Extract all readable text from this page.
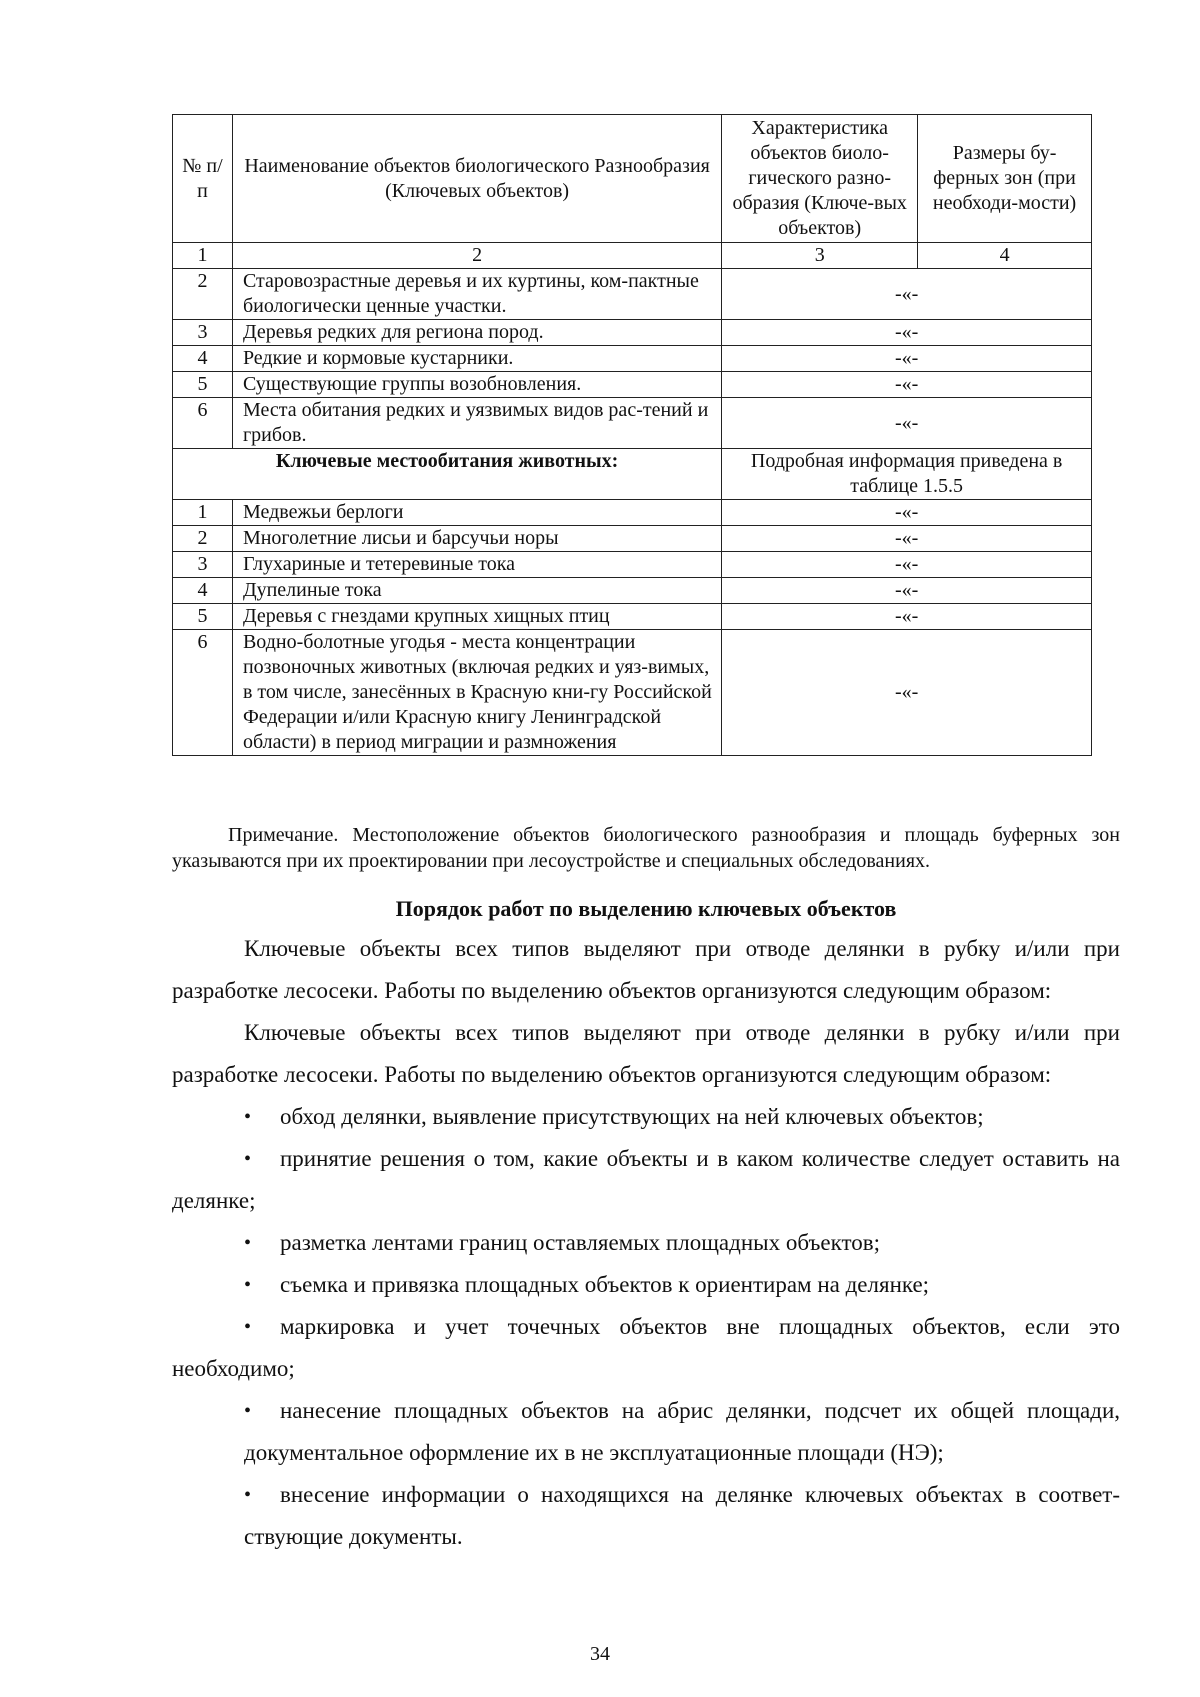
№ п/п	Наименование объектов биологического Разнообразия (Ключевых объектов)	Характеристика объектов биоло-гического разно-образия (Ключе-вых объектов)	Размеры бу-ферных зон (при необходи-мости)
1	2	3	4
2	Старовозрастные деревья и их куртины, ком-пактные биологически ценные участки.	-«-	
3	Деревья редких для региона пород.	-«-	
4	Редкие и кормовые кустарники.	-«-	
5	Существующие группы возобновления.	-«-	
6	Места обитания редких и уязвимых видов рас-тений и грибов.	-«-	
Ключевые местообитания животных:		Подробная информация приведена в таблице 1.5.5	
1	Медвежьи берлоги	-«-	
2	Многолетние лисьи и барсучьи норы	-«-	
3	Глухариные и тетеревиные тока	-«-	
4	Дупелиные тока	-«-	
5	Деревья с гнездами крупных хищных птиц	-«-	
6	Водно-болотные угодья - места концентрации позвоночных животных (включая редких и уяз-вимых, в том числе, занесённых в Красную кни-гу Российской Федерации и/или Красную книгу Ленинградской области) в период миграции и размножения	-«-	

Примечание. Местоположение объектов биологического разнообразия и площадь буферных зон указываются при их проектировании при лесоустройстве и специальных обследованиях.

Порядок работ по выделению ключевых объектов

Ключевые объекты всех типов выделяют при отводе делянки в рубку и/или при разработке лесосеки. Работы по выделению объектов организуются следующим образом:

Ключевые объекты всех типов выделяют при отводе делянки в рубку и/или при разработке лесосеки. Работы по выделению объектов организуются следующим образом:

• обход делянки, выявление присутствующих на ней ключевых объектов;
• принятие решения о том, какие объекты и в каком количестве следует оставить на делянке;
• разметка лентами границ оставляемых площадных объектов;
• съемка и привязка площадных объектов к ориентирам на делянке;
• маркировка и учет точечных объектов вне площадных объектов, если это необходимо;
• нанесение площадных объектов на абрис делянки, подсчет их общей площади, документальное оформление их в не эксплуатационные площади (НЭ);
• внесение информации о находящихся на делянке ключевых объектах в соответ-ствующие документы.
34
